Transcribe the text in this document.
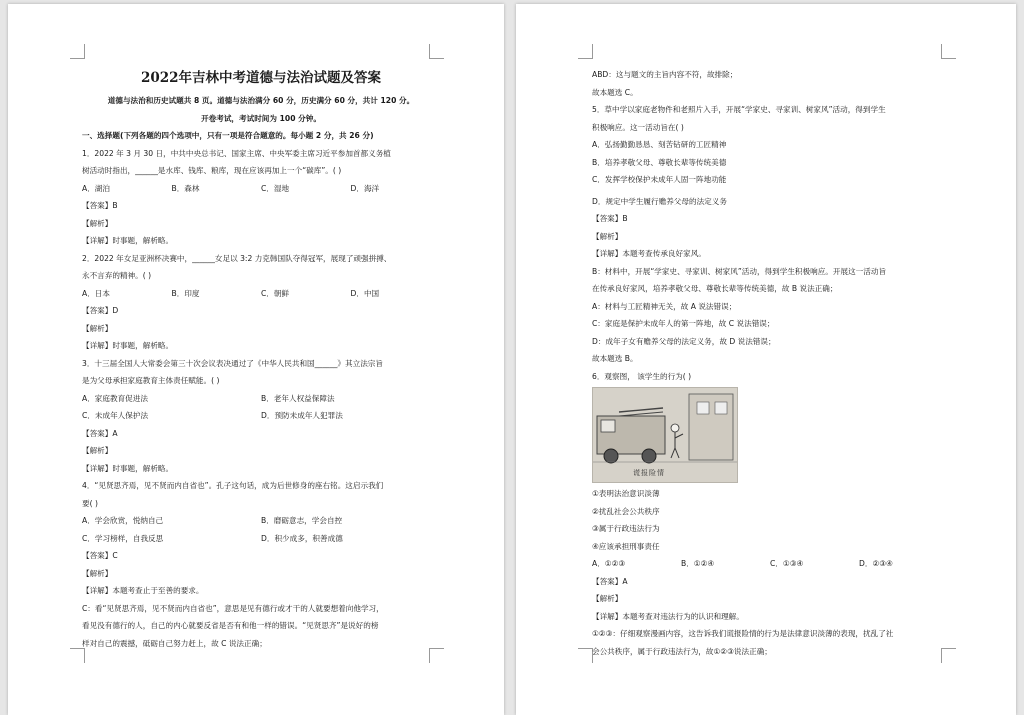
2022年吉林中考道德与法治试题及答案
道德与法治和历史试题共 8 页。道德与法治满分 60 分，历史满分 60 分，共计 120 分。
开卷考试，考试时间为 100 分钟。
一、选择题(下列各题的四个选项中，只有一项是符合题意的。每小题 2 分，共 26 分)
1．2022 年 3 月 30 日，中共中央总书记、国家主席、中央军委主席习近平参加首都义务植
树活动时指出，______是水库、钱库、粮库，现在应该再加上一个“碳库”。( )
A．湖泊	B．森林	C．湿地	D．海洋
【答案】B
【解析】
【详解】时事题，解析略。
2．2022 年女足亚洲杯决赛中，______女足以 3:2 力克韩国队夺得冠军，展现了顽强拼搏、
永不言弃的精神。( )
A．日本	B．印度	C．朝鲜	D．中国
【答案】D
【解析】
【详解】时事题，解析略。
3．十三届全国人大常委会第三十次会议表决通过了《中华人民共和国______》其立法宗旨
是为父母承担家庭教育主体责任赋能。( )
A．家庭教育促进法	B．老年人权益保障法
C．未成年人保护法	D．预防未成年人犯罪法
【答案】A
【解析】
【详解】时事题，解析略。
4．“见贤思齐焉，见不贤而内自省也”。孔子这句话，成为后世修身的座右铭。这启示我们
要( )
A．学会欣赏，悦纳自己	B．磨砺意志，学会自控
C．学习榜样，自我反思	D．积少成多，积善成德
【答案】C
【解析】
【详解】本题考查止于至善的要求。
C：看“见贤思齐焉，见不贤而内自省也”，意思是见有德行或才干的人就要想着向他学习，
看见没有德行的人，自己的内心就要反省是否有和他一样的错误。“见贤思齐”是说好的榜
样对自己的震撼，砥砺自己努力赶上，故 C 说法正确；
ABD：这与题文的主旨内容不符，故排除；
故本题选 C。
5．草中学以家庭老物件和老照片入手，开展“学家史、寻家训、树家风”活动，得到学生
积极响应。这一活动旨在( )
A．弘扬勤勤恳恳、刻苦钻研的工匠精神
B．培养孝敬父母、尊敬长辈等传统美德
C．发挥学校保护未成年人固一阵地功能
D．规定中学生履行赡养父母的法定义务
【答案】B
【解析】
【详解】本题考查传承良好家风。
B：材料中，开展“学家史、寻家训、树家风”活动，得到学生积极响应。开展这一活动旨
在传承良好家风，培养孝敬父母、尊敬长辈等传统美德，故 B 说法正确；
A：材料与工匠精神无关，故 A 说法错误；
C：家庭是保护未成年人的第一阵地，故 C 说法错误；
D：成年子女有赡养父母的法定义务，故 D 说法错误；
故本题选 B。
6．观察图， 该学生的行为( )
谎报险情
①表明法治意识淡薄
②扰乱社会公共秩序
③属于行政违法行为
④应该承担刑事责任
A．①②③	B．①②④	C．①③④	D．②③④
【答案】A
【解析】
【详解】本题考查对违法行为的认识和理解。
①②③：仔细观察漫画内容，这告诉我们谎报险情的行为是法律意识淡薄的表现，扰乱了社
会公共秩序，属于行政违法行为，故①②③说法正确；
